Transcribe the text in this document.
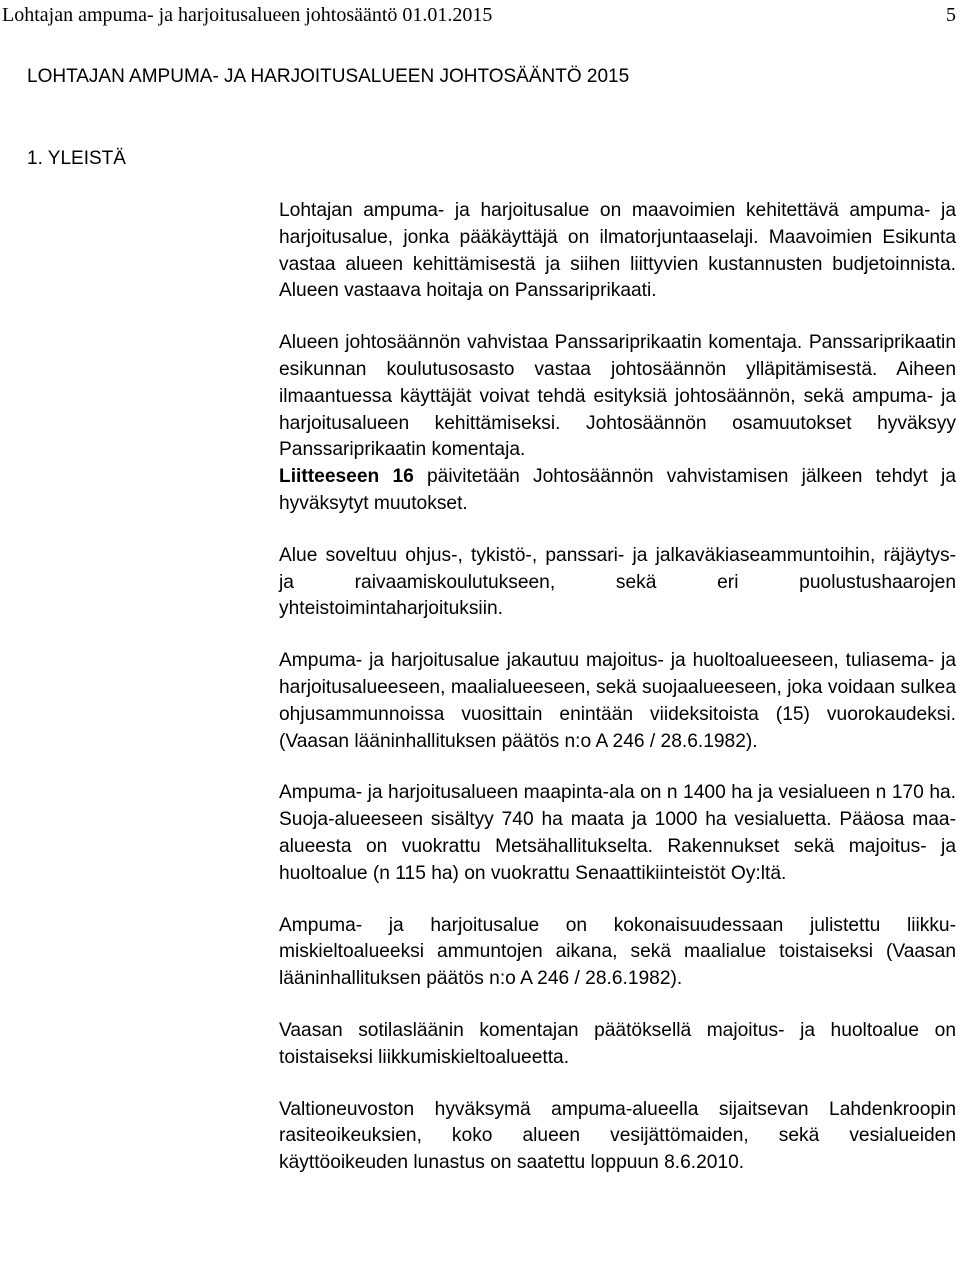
Lohtajan ampuma- ja harjoitusalueen johtosääntö 01.01.2015	5
LOHTAJAN AMPUMA- JA HARJOITUSALUEEN JOHTOSÄÄNTÖ 2015
1. YLEISTÄ

Lohtajan ampuma- ja harjoitusalue on maavoimien kehitettävä ampuma- ja harjoitusalue, jonka pääkäyttäjä on ilmatorjuntaaselaji. Maavoimien Esikunta vastaa alueen kehittämisestä ja siihen liittyvien kustannusten budjetoinnista. Alueen vastaava hoitaja on Panssariprikaati.

Alueen johtosäännön vahvistaa Panssariprikaatin komentaja. Panssariprikaatin esikunnan koulutusosasto vastaa johtosäännön ylläpitämisestä. Aiheen ilmaantuessa käyttäjät voivat tehdä esityksiä johtosäännön, sekä ampuma- ja harjoitusalueen kehittämiseksi. Johtosäännön osamuutokset hyväksyy Panssariprikaatin komentaja.

Liitteeseen 16 päivitetään Johtosäännön vahvistamisen jälkeen tehdyt ja hyväksytyt muutokset.

Alue soveltuu ohjus-, tykistö-, panssari- ja jalkaväkiaseammuntoihin, räjäytys- ja raivaamiskoulutukseen, sekä eri puolustushaarojen yhteistoimintaharjoituksiin.

Ampuma- ja harjoitusalue jakautuu majoitus- ja huoltoalueeseen, tuliasema- ja harjoitusalueeseen, maalialueeseen, sekä suojaalueeseen, joka voidaan sulkea ohjusammunnoissa vuosittain enintään viideksitoista (15) vuorokaudeksi. (Vaasan lääninhallituksen päätös n:o A 246 / 28.6.1982).

Ampuma- ja harjoitusalueen maapinta-ala on n 1400 ha ja vesialueen n 170 ha. Suoja-alueeseen sisältyy 740 ha maata ja 1000 ha vesialuetta. Pääosa maa-alueesta on vuokrattu Metsähallitukselta. Rakennukset sekä majoitus- ja huoltoalue (n 115 ha) on vuokrattu Senaattikiinteistöt Oy:ltä.

Ampuma- ja harjoitusalue on kokonaisuudessaan julistettu liikkumiskieltoalueeksi ammuntojen aikana, sekä maalialue toistaiseksi (Vaasan lääninhallituksen päätös n:o A 246 / 28.6.1982).

Vaasan sotilasläänin komentajan päätöksellä majoitus- ja huoltoalue on toistaiseksi liikkumiskieltoalueetta.

Valtioneuvoston hyväksymä ampuma-alueella sijaitsevan Lahdenkroopin rasiteoikeuksien, koko alueen vesijättömaiden, sekä vesialueiden käyttöoikeuden lunastus on saatettu loppuun 8.6.2010.
